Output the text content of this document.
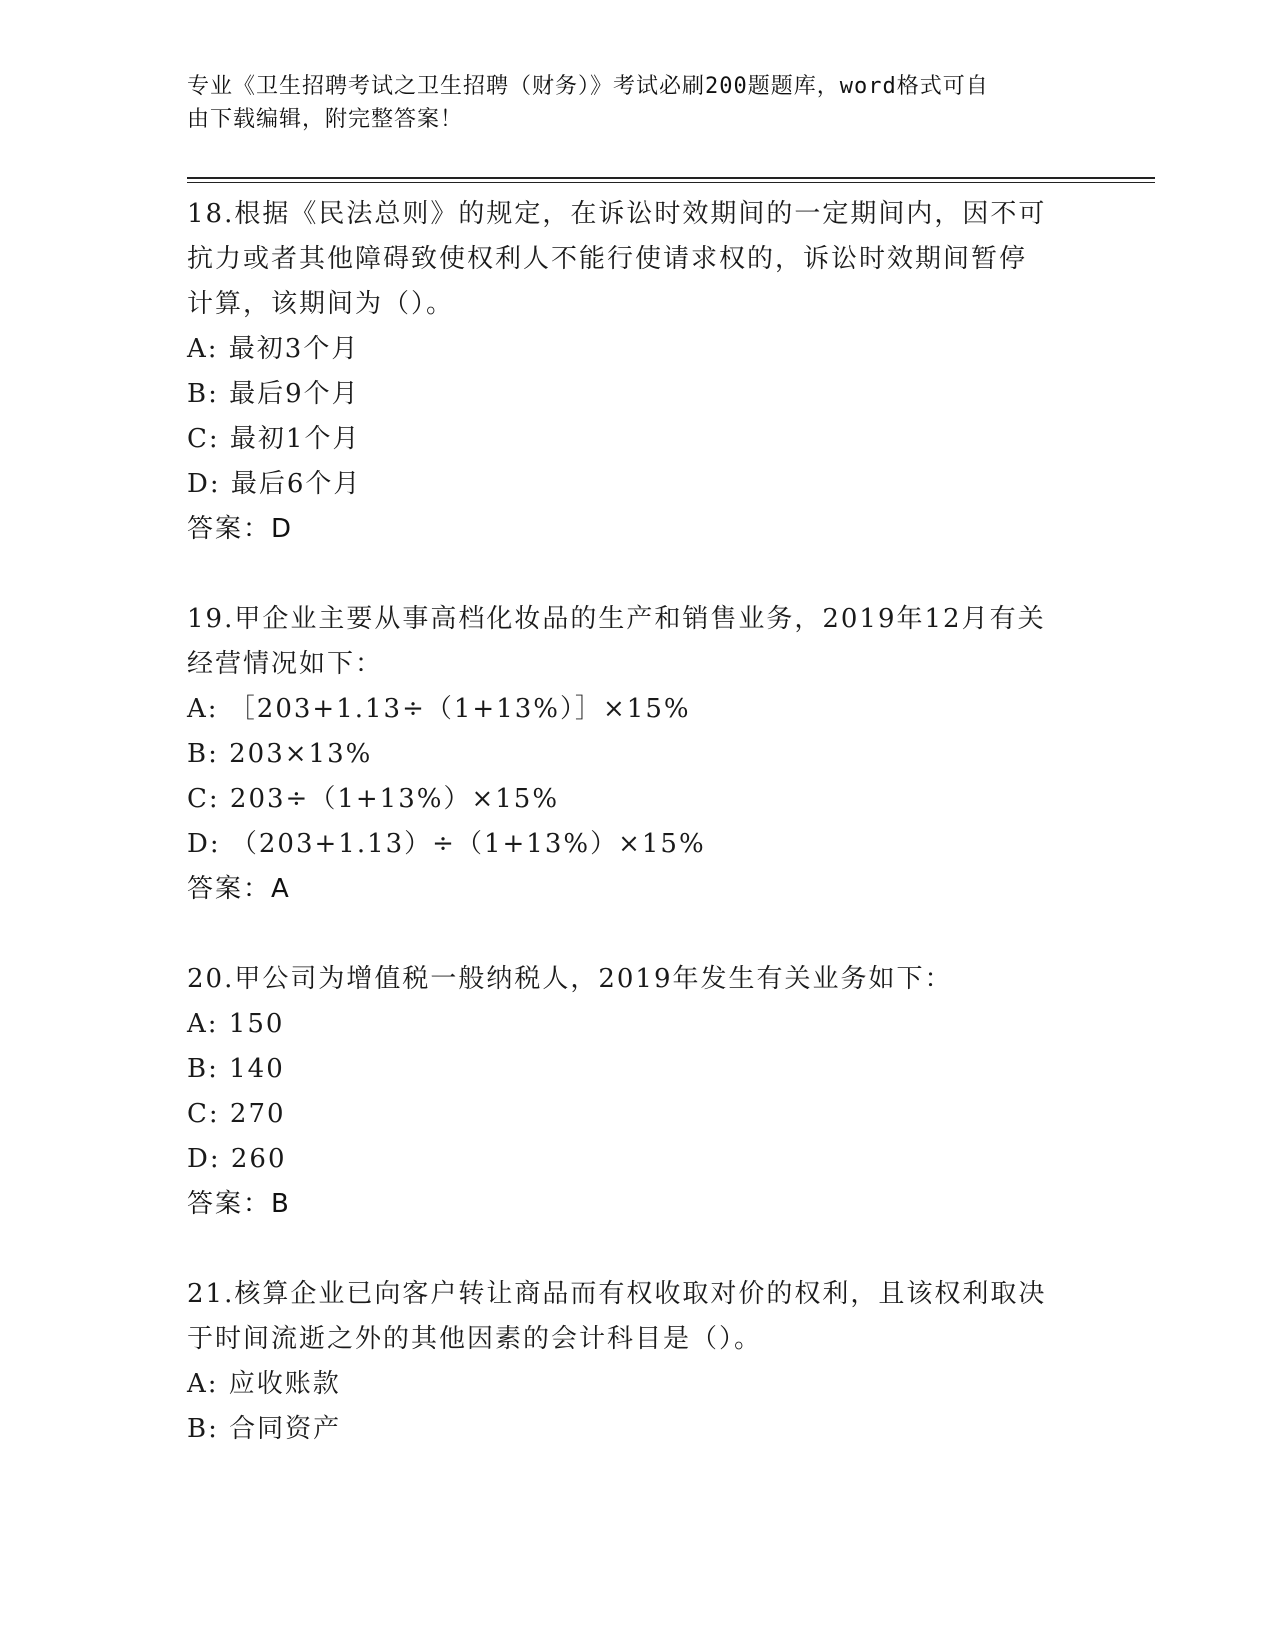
专业《卫生招聘考试之卫生招聘（财务）》考试必刷200题题库，word格式可自
由下载编辑，附完整答案！

18.根据《民法总则》的规定，在诉讼时效期间的一定期间内，因不可

抗力或者其他障碍致使权利人不能行使请求权的，诉讼时效期间暂停

计算，该期间为（）。

A: 最初3个月

B: 最后9个月

C: 最初1个月

D: 最后6个月

答案：D

19.甲企业主要从事高档化妆品的生产和销售业务，2019年12月有关

经营情况如下：

A: ［203+1.13÷（1+13%）］×15%

B: 203×13%

C: 203÷（1+13%）×15%

D: （203+1.13）÷（1+13%）×15%

答案：A

20.甲公司为增值税一般纳税人，2019年发生有关业务如下：

A: 150

B: 140

C: 270

D: 260

答案：B

21.核算企业已向客户转让商品而有权收取对价的权利，且该权利取决

于时间流逝之外的其他因素的会计科目是（）。

A: 应收账款

B: 合同资产
